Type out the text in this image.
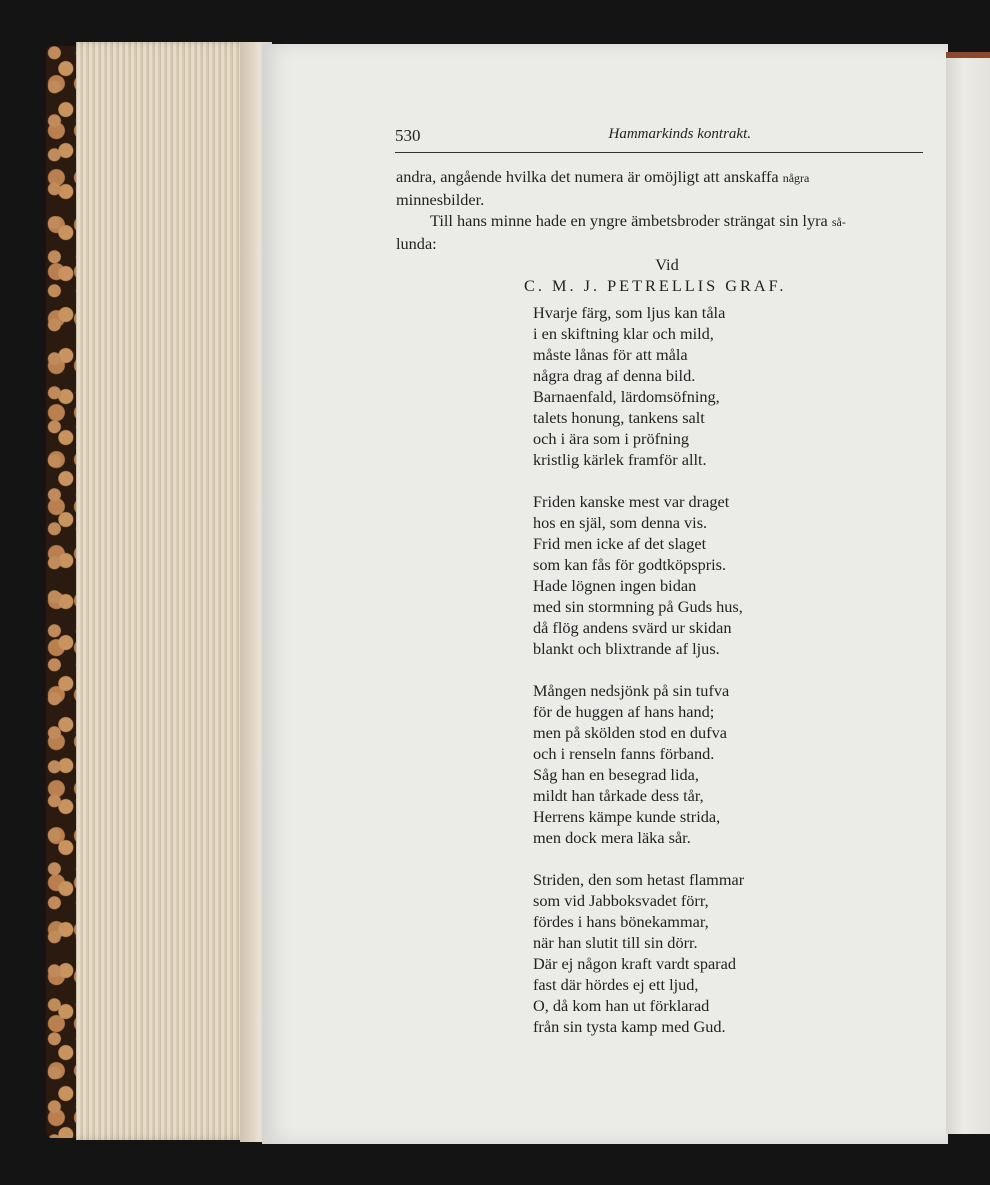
530	Hammarkinds kontrakt.

andra, angående hvilka det numera är omöjligt att anskaffa några
minnesbilder.

Till hans minne hade en yngre ämbetsbroder strängat sin lyra så-
lunda:

Vid

C. M. J. PETRELLIS GRAF.

Hvarje färg, som ljus kan tåla
i en skiftning klar och mild,
måste lånas för att måla
några drag af denna bild.
Barnaenfald, lärdomsöfning,
talets honung, tankens salt
och i ära som i pröfning
kristlig kärlek framför allt.
Friden kanske mest var draget
hos en själ, som denna vis.
Frid men icke af det slaget
som kan fås för godtköpspris.
Hade lögnen ingen bidan
med sin stormning på Guds hus,
då flög andens svärd ur skidan
blankt och blixtrande af ljus.
Mången nedsjönk på sin tufva
för de huggen af hans hand;
men på skölden stod en dufva
och i renseln fanns förband.
Såg han en besegrad lida,
mildt han tårkade dess tår,
Herrens kämpe kunde strida,
men dock mera läka sår.
Striden, den som hetast flammar
som vid Jabboksvadet förr,
fördes i hans bönekammar,
när han slutit till sin dörr.
Där ej någon kraft vardt sparad
fast där hördes ej ett ljud,
O, då kom han ut förklarad
från sin tysta kamp med Gud.
